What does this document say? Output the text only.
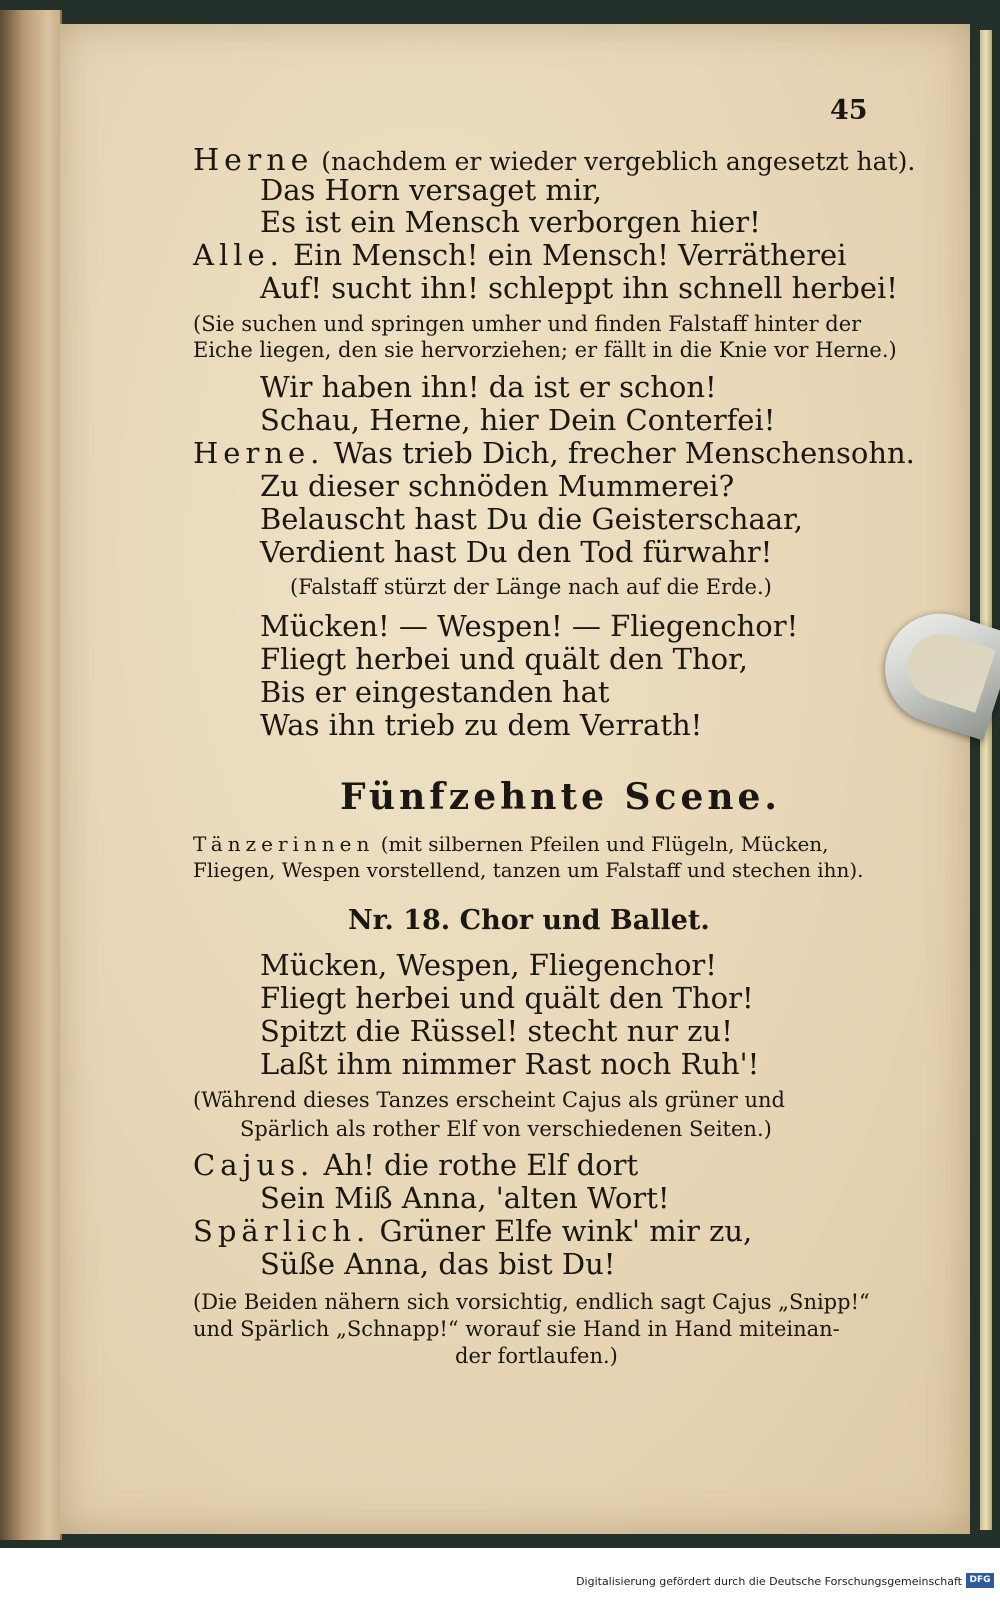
45
Herne (nachdem er wieder vergeblich angesetzt hat).
Das Horn versaget mir,
Es ist ein Mensch verborgen hier!
Alle. Ein Mensch! ein Mensch! Verrätherei
Auf! sucht ihn! schleppt ihn schnell herbei!
(Sie suchen und springen umher und finden Falstaff hinter der
Eiche liegen, den sie hervorziehen; er fällt in die Knie vor Herne.)
Wir haben ihn! da ist er schon!
Schau, Herne, hier Dein Conterfei!
Herne. Was trieb Dich, frecher Menschensohn.
Zu dieser schnöden Mummerei?
Belauscht hast Du die Geisterschaar,
Verdient hast Du den Tod fürwahr!
(Falstaff stürzt der Länge nach auf die Erde.)
Mücken! — Wespen! — Fliegenchor!
Fliegt herbei und quält den Thor,
Bis er eingestanden hat
Was ihn trieb zu dem Verrath!
Fünfzehnte Scene.
Tänzerinnen (mit silbernen Pfeilen und Flügeln, Mücken,
Fliegen, Wespen vorstellend, tanzen um Falstaff und stechen ihn).
Nr. 18. Chor und Ballet.
Mücken, Wespen, Fliegenchor!
Fliegt herbei und quält den Thor!
Spitzt die Rüssel! stecht nur zu!
Laßt ihm nimmer Rast noch Ruh'!
(Während dieses Tanzes erscheint Cajus als grüner und
Spärlich als rother Elf von verschiedenen Seiten.)
Cajus. Ah! die rothe Elf dort
Sein Miß Anna, 'alten Wort!
Spärlich. Grüner Elfe wink' mir zu,
Süße Anna, das bist Du!
(Die Beiden nähern sich vorsichtig, endlich sagt Cajus „Snipp!“
und Spärlich „Schnapp!“ worauf sie Hand in Hand miteinan-
der fortlaufen.)
Digitalisierung gefördert durch die Deutsche Forschungsgemeinschaft DFG
